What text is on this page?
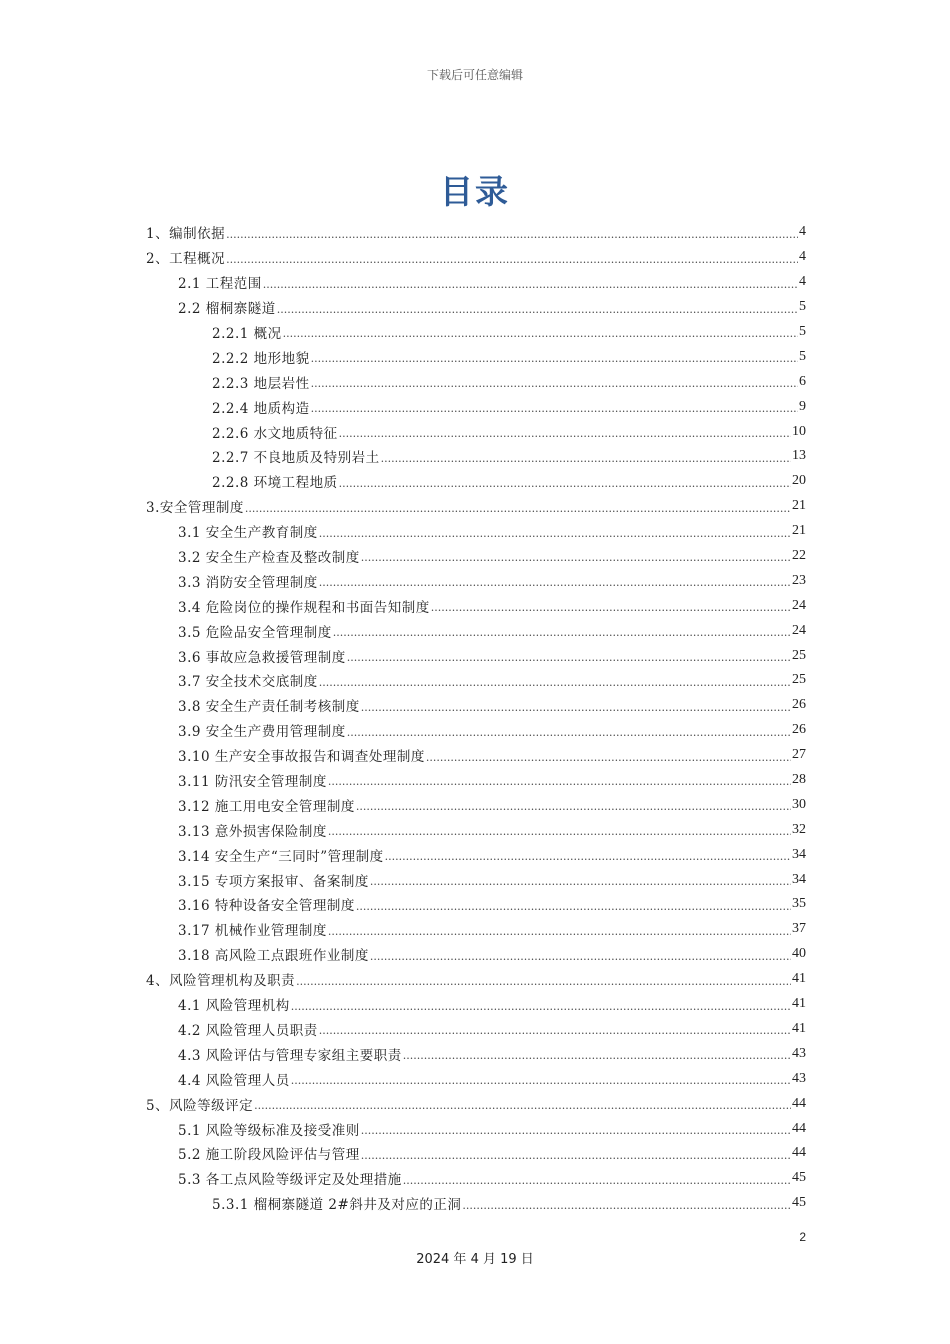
下载后可任意编辑
目录
1、编制依据 .....	4
2、工程概况 .....	4
2.1 工程范围 .....	4
2.2 榴桐寨隧道 .....	5
2.2.1 概况 .....	5
2.2.2 地形地貌 .....	5
2.2.3 地层岩性 .....	6
2.2.4 地质构造 .....	9
2.2.6 水文地质特征 .....	10
2.2.7 不良地质及特别岩土 .....	13
2.2.8 环境工程地质 .....	20
3.安全管理制度 .....	21
3.1 安全生产教育制度 .....	21
3.2 安全生产检查及整改制度 .....	22
3.3 消防安全管理制度 .....	23
3.4 危险岗位的操作规程和书面告知制度 .....	24
3.5 危险品安全管理制度 .....	24
3.6 事故应急救援管理制度 .....	25
3.7 安全技术交底制度 .....	25
3.8 安全生产责任制考核制度 .....	26
3.9 安全生产费用管理制度 .....	26
3.10 生产安全事故报告和调查处理制度 .....	27
3.11 防汛安全管理制度 .....	28
3.12 施工用电安全管理制度 .....	30
3.13 意外损害保险制度 .....	32
3.14 安全生产“三同时”管理制度 .....	34
3.15 专项方案报审、备案制度 .....	34
3.16 特种设备安全管理制度 .....	35
3.17 机械作业管理制度 .....	37
3.18 高风险工点跟班作业制度 .....	40
4、风险管理机构及职责 .....	41
4.1 风险管理机构 .....	41
4.2 风险管理人员职责 .....	41
4.3 风险评估与管理专家组主要职责 .....	43
4.4 风险管理人员 .....	43
5、风险等级评定 .....	44
5.1 风险等级标准及接受准则 .....	44
5.2 施工阶段风险评估与管理 .....	44
5.3 各工点风险等级评定及处理措施 .....	45
5.3.1 榴桐寨隧道 2#斜井及对应的正洞 .....	45
2
2024 年 4 月 19 日
